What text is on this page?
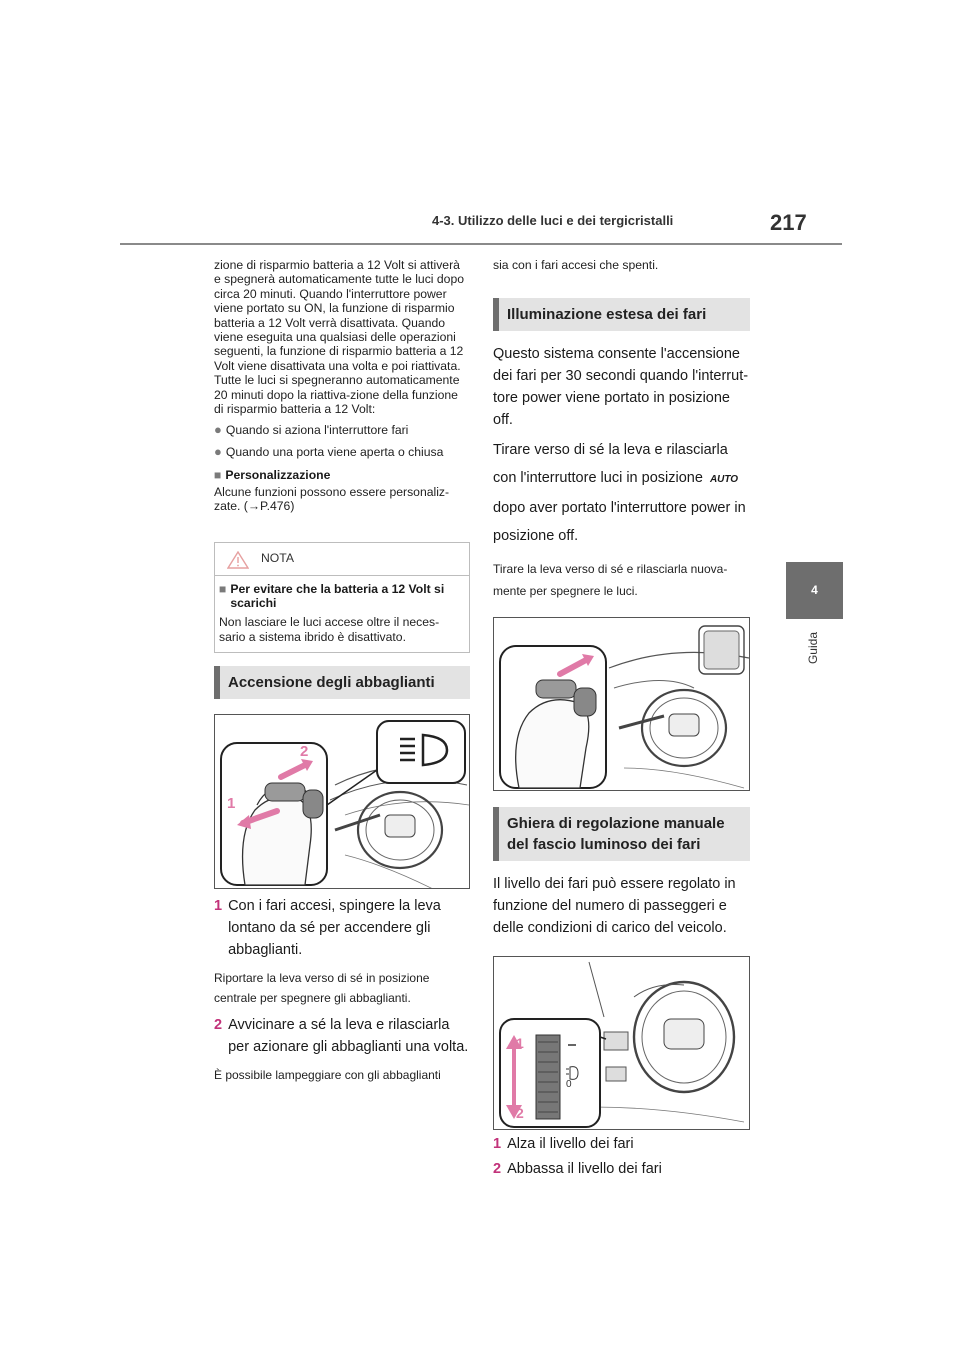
4-3. Utilizzo delle luci e dei tergicristalli	217
4
Guida

zione di risparmio batteria a 12 Volt si attiverà e spegnerà automaticamente tutte le luci dopo circa 20 minuti. Quando l'interruttore power viene portato su ON, la funzione di risparmio batteria a 12 Volt verrà disattivata. Quando viene eseguita una qualsiasi delle operazioni seguenti, la funzione di risparmio batteria a 12 Volt viene disattivata una volta e poi riattivata. Tutte le luci si spegneranno automaticamente 20 minuti dopo la riattiva-zione della funzione di risparmio batteria a 12 Volt:

● Quando si aziona l'interruttore fari
● Quando una porta viene aperta o chiusa
■ Personalizzazione

Alcune funzioni possono essere personaliz-zate. (→P.476)

NOTA
■ Per evitare che la batteria a 12 Volt si scarichi

Non lasciare le luci accese oltre il neces-sario a sistema ibrido è disattivato.

Accensione degli abbaglianti
1
2
1 Con i fari accesi, spingere la leva lontano da sé per accendere gli abbaglianti.

Riportare la leva verso di sé in posizione centrale per spegnere gli abbaglianti.

2 Avvicinare a sé la leva e rilasciarla per azionare gli abbaglianti una volta.

È possibile lampeggiare con gli abbaglianti

sia con i fari accesi che spenti.

Illuminazione estesa dei fari

Questo sistema consente l'accensione dei fari per 30 secondi quando l'interrut-tore power viene portato in posizione off.

Tirare verso di sé la leva e rilasciarla con l'interruttore luci in posizione AUTO dopo aver portato l'interruttore power in posizione off.

Tirare la leva verso di sé e rilasciarla nuova-mente per spegnere le luci.

Ghiera di regolazione manuale del fascio luminoso dei fari

Il livello dei fari può essere regolato in funzione del numero di passeggeri e delle condizioni di carico del veicolo.

1
2
0
1 Alza il livello dei fari
2 Abbassa il livello dei fari
